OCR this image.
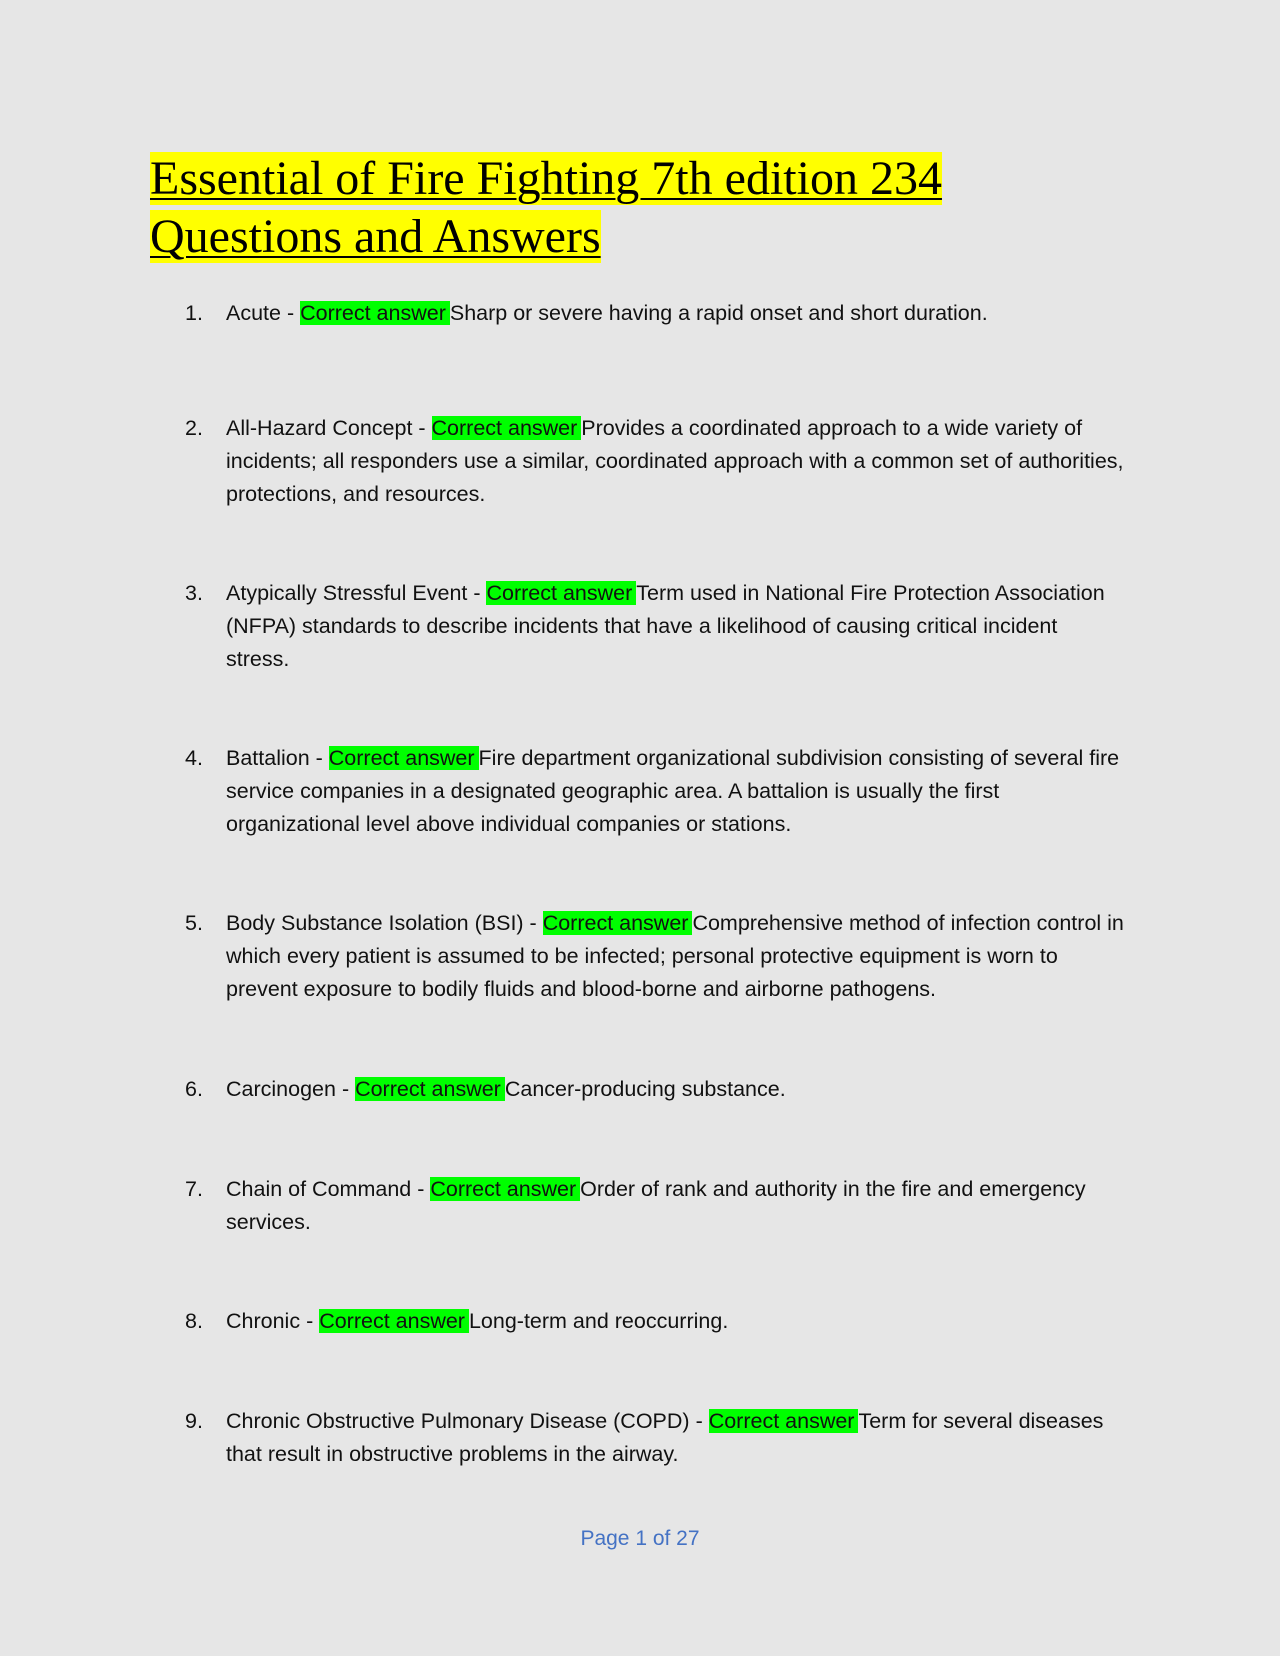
Essential of Fire Fighting 7th edition 234 Questions and Answers
1.	Acute - Correct answer Sharp or severe having a rapid onset and short duration.
2.	All-Hazard Concept - Correct answer Provides a coordinated approach to a wide variety of incidents; all responders use a similar, coordinated approach with a common set of authorities, protections, and resources.
3.	Atypically Stressful Event - Correct answer Term used in National Fire Protection Association (NFPA) standards to describe incidents that have a likelihood of causing critical incident stress.
4.	Battalion - Correct answer Fire department organizational subdivision consisting of several fire service companies in a designated geographic area. A battalion is usually the first organizational level above individual companies or stations.
5.	Body Substance Isolation (BSI) - Correct answer Comprehensive method of infection control in which every patient is assumed to be infected; personal protective equipment is worn to prevent exposure to bodily fluids and blood-borne and airborne pathogens.
6.	Carcinogen - Correct answer Cancer-producing substance.
7.	Chain of Command - Correct answer Order of rank and authority in the fire and emergency services.
8.	Chronic - Correct answer Long-term and reoccurring.
9.	Chronic Obstructive Pulmonary Disease (COPD) - Correct answer Term for several diseases that result in obstructive problems in the airway.
Page 1 of 27
